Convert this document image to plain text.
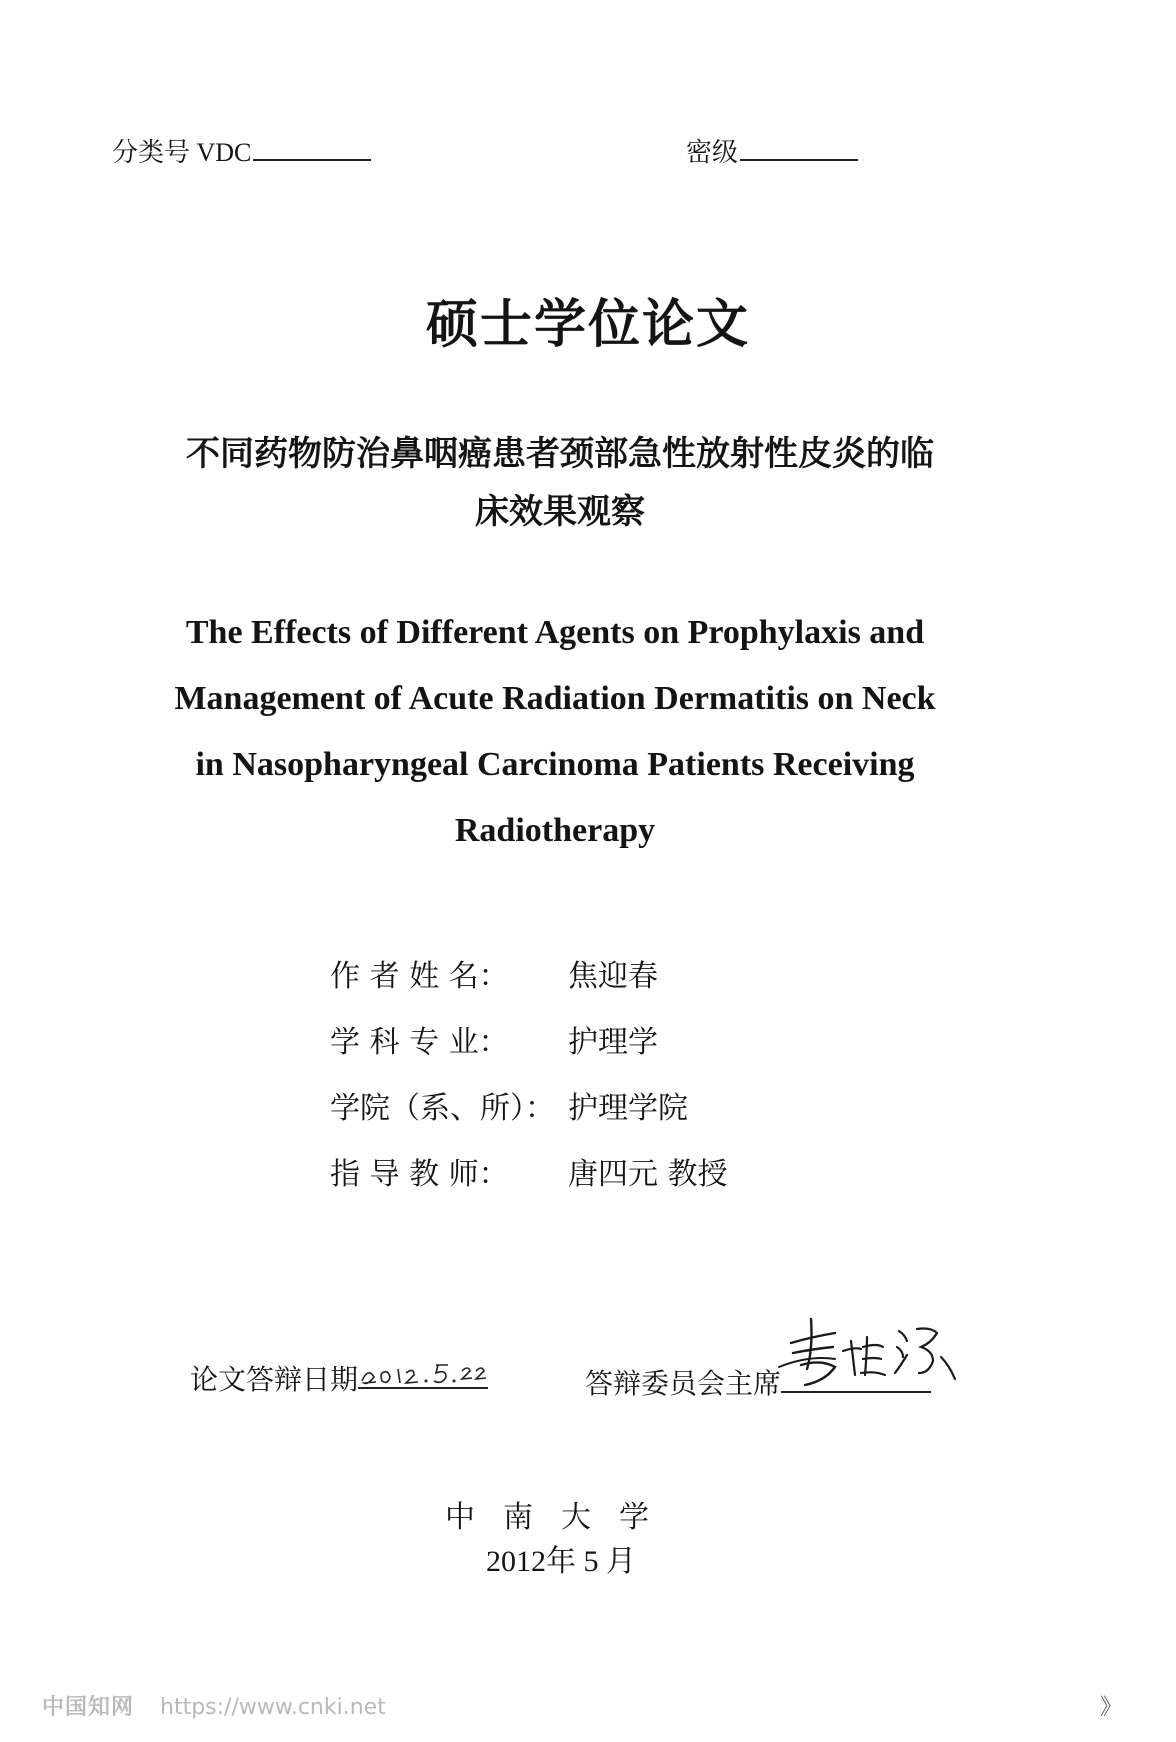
分类号 VDC	密级
硕士学位论文
不同药物防治鼻咽癌患者颈部急性放射性皮炎的临
床效果观察
The Effects of Different Agents on Prophylaxis and
Management of Acute Radiation Dermatitis on Neck
in Nasopharyngeal Carcinoma Patients Receiving
Radiotherapy
作 者 姓 名：	焦迎春
学 科 专 业：	护理学
学院（系、所）： 护理学院
指 导 教 师：	唐四元 教授
论文答辩日期	答辩委员会主席
中南大学
2012年 5 月
中国知网 https://www.cnki.net	》
